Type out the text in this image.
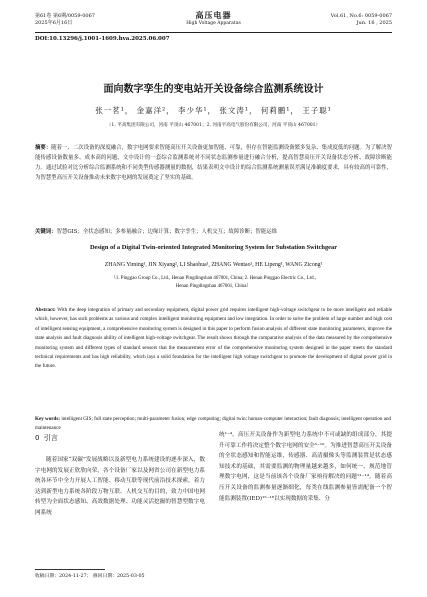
第61卷 第6期/0059-0067
2025年6月16日
高压电器
High Voltage Apparatus
Vol.61, No.6: 0059-0067
Jun. 16 , 2025
DOI:10.13296/j.1001-1609.hva.2025.06.007
面向数字孪生的变电站开关设备综合监测系统设计
张一茗¹， 金嘉洋²， 李少华¹， 张文涛¹， 何莉鹏¹， 王子聪¹
（1. 平高集团有限公司，河南 平顶山 467001；2. 河南平高电气股份有限公司，河南 平顶山 467001）
摘要：随着一、二次设备的深度融合，数字电网要求智能高压开关设备更加智能、可靠，但存在智能监测设备繁多复杂、集成度低的问题。为了解决智能传感设备数量多、成本高的问题，文中设计的一套综合监测系统对不同状态监测参量进行融合分析，提高智慧高压开关设备状态分析、故障诊断能力。通过试验对比分析综合监测系统和不同类型传感器测量的数据，结果表明文中设计的综合监测系统测量误差满足准确度要求，具有较高的可靠性，为智慧型高压开关设备推动未来数字电网的发展奠定了坚实的基础。
关键词：智慧GIS；全状态感知；多参量融合；边缘计算；数字孪生；人机交互；故障诊断；智能运维
Design of a Digital Twin-oriented Integrated Monitoring System for Substation Switchgear
ZHANG Yiming¹, JIN Xiyang², LI Shaohua¹, ZHANG Wentao¹, HE Lipeng¹, WANG Zicong¹
（1. Pinggao Group Co., Ltd., Henan Pingdingshan 467001, China; 2. Henan Pinggao Electric Co., Ltd.,
Henan Pingdingshan 467001, China）
Abstract: With the deep integration of primary and secondary equipment, digital power grid requires intelligent high-voltage switchgear to be more intelligent and reliable which, however, has such problems as various and complex intelligent monitoring equipment and low integration. In order to solve the problem of large number and high cost of intelligent sensing equipment, a comprehensive monitoring system is designed in this paper to perform fusion analysis of different state monitoring parameters, improve the state analysis and fault diagnosis ability of intelligent high-voltage switchgear. The result shows through the comparative analysis of the data measured by the comprehensive monitoring system and different types of standard sensors that the measurement error of the comprehensive monitoring system designed in the paper meets the standard technical requirements and has high reliability, which lays a solid foundation for the intelligent high voltage switchgear to promote the development of digital power grid in the future.
Key words: intelligent GIS; full state perception; multi-parameter fusion; edge computing; digital twin; human-computer interaction; fault diagnosis; intelligent operation and maintenance
0 引言
随着国家“双碳”发展战略以及新型电力系统建设的逐步深入，数字电网的发展正欣欣向荣，各个设备厂家以及网省公司在新型电力系统各环节中全力开展人工智能、移动互联等现代前沿技术探索，着力达到新型电力系统各阶段万物互联、人机交互的目的，致力中国电网转型为全面状态感知、高效数据处理、功能灵活挖掘的智慧型数字电网系统
统¹⁻⁴。高压开关设备作为新型电力系统中不可或缺的组成部分，其提升可靠工作将决定整个数字电网的安全⁵⁻¹⁰。为推进智慧高压开关设备的全状态感知和智能运维，传感器、高清摄像头等监测装置是状态感知技术的基础，其需要监测的物理量越来越多，如何统一、规范地管理数字电网，这是当前该各个设备厂家亟待解决的问题¹¹⁻¹⁴。随着高压开关设备的监测参量逐渐细化，每类在线监测参量皆需配备一个智能监测装置(IED)¹⁵⁻¹⁸以实现数据的采集、分
收稿日期：2024-11-27； 修回日期：2025-03-05
